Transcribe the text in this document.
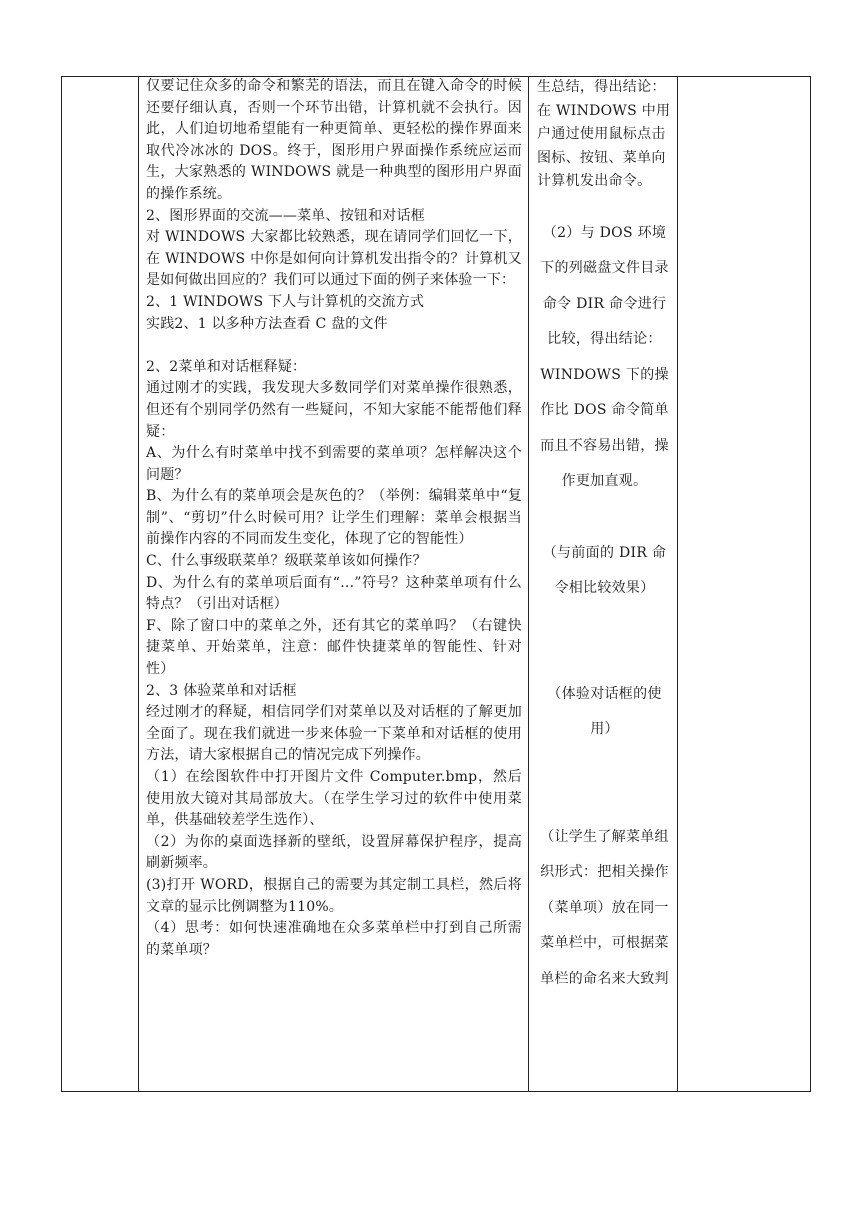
仅要记住众多的命令和繁芜的语法，而且在键入命令的时候还要仔细认真，否则一个环节出错，计算机就不会执行。因此，人们迫切地希望能有一种更简单、更轻松的操作界面来取代冷冰冰的 DOS。终于，图形用户界面操作系统应运而生，大家熟悉的 WINDOWS 就是一种典型的图形用户界面的操作系统。

2、图形界面的交流——菜单、按钮和对话框

对 WINDOWS 大家都比较熟悉，现在请同学们回忆一下，在 WINDOWS 中你是如何向计算机发出指令的？计算机又是如何做出回应的？我们可以通过下面的例子来体验一下：

2、1 WINDOWS 下人与计算机的交流方式

实践2、1 以多种方法查看 C 盘的文件

2、2菜单和对话框释疑：

通过刚才的实践，我发现大多数同学们对菜单操作很熟悉，但还有个别同学仍然有一些疑问，不知大家能不能帮他们释疑：

A、为什么有时菜单中找不到需要的菜单项？怎样解决这个问题？

B、为什么有的菜单项会是灰色的？（举例：编辑菜单中“复制”、“剪切”什么时候可用？让学生们理解：菜单会根据当前操作内容的不同而发生变化，体现了它的智能性）

C、什么事级联菜单？级联菜单该如何操作？

D、为什么有的菜单项后面有“…”符号？这种菜单项有什么特点？（引出对话框）

F、除了窗口中的菜单之外，还有其它的菜单吗？（右键快捷菜单、开始菜单，注意：邮件快捷菜单的智能性、针对性）

2、3 体验菜单和对话框

经过刚才的释疑，相信同学们对菜单以及对话框的了解更加全面了。现在我们就进一步来体验一下菜单和对话框的使用方法，请大家根据自己的情况完成下列操作。

（1）在绘图软件中打开图片文件 Computer.bmp，然后使用放大镜对其局部放大。（在学生学习过的软件中使用菜单，供基础较差学生选作）、

（2）为你的桌面选择新的壁纸，设置屏幕保护程序，提高刷新频率。

(3)打开 WORD，根据自己的需要为其定制工具栏，然后将文章的显示比例调整为110%。

（4）思考：如何快速准确地在众多菜单栏中打到自己所需的菜单项？

生总结，得出结论：在 WINDOWS 中用户通过使用鼠标点击图标、按钮、菜单向计算机发出命令。

（2）与 DOS 环境下的列磁盘文件目录命令 DIR 命令进行比较，得出结论：WINDOWS 下的操作比 DOS 命令简单而且不容易出错，操作更加直观。

（与前面的 DIR 命令相比较效果）

（体验对话框的使用）

（让学生了解菜单组织形式：把相关操作（菜单项）放在同一菜单栏中，可根据菜单栏的命名来大致判
